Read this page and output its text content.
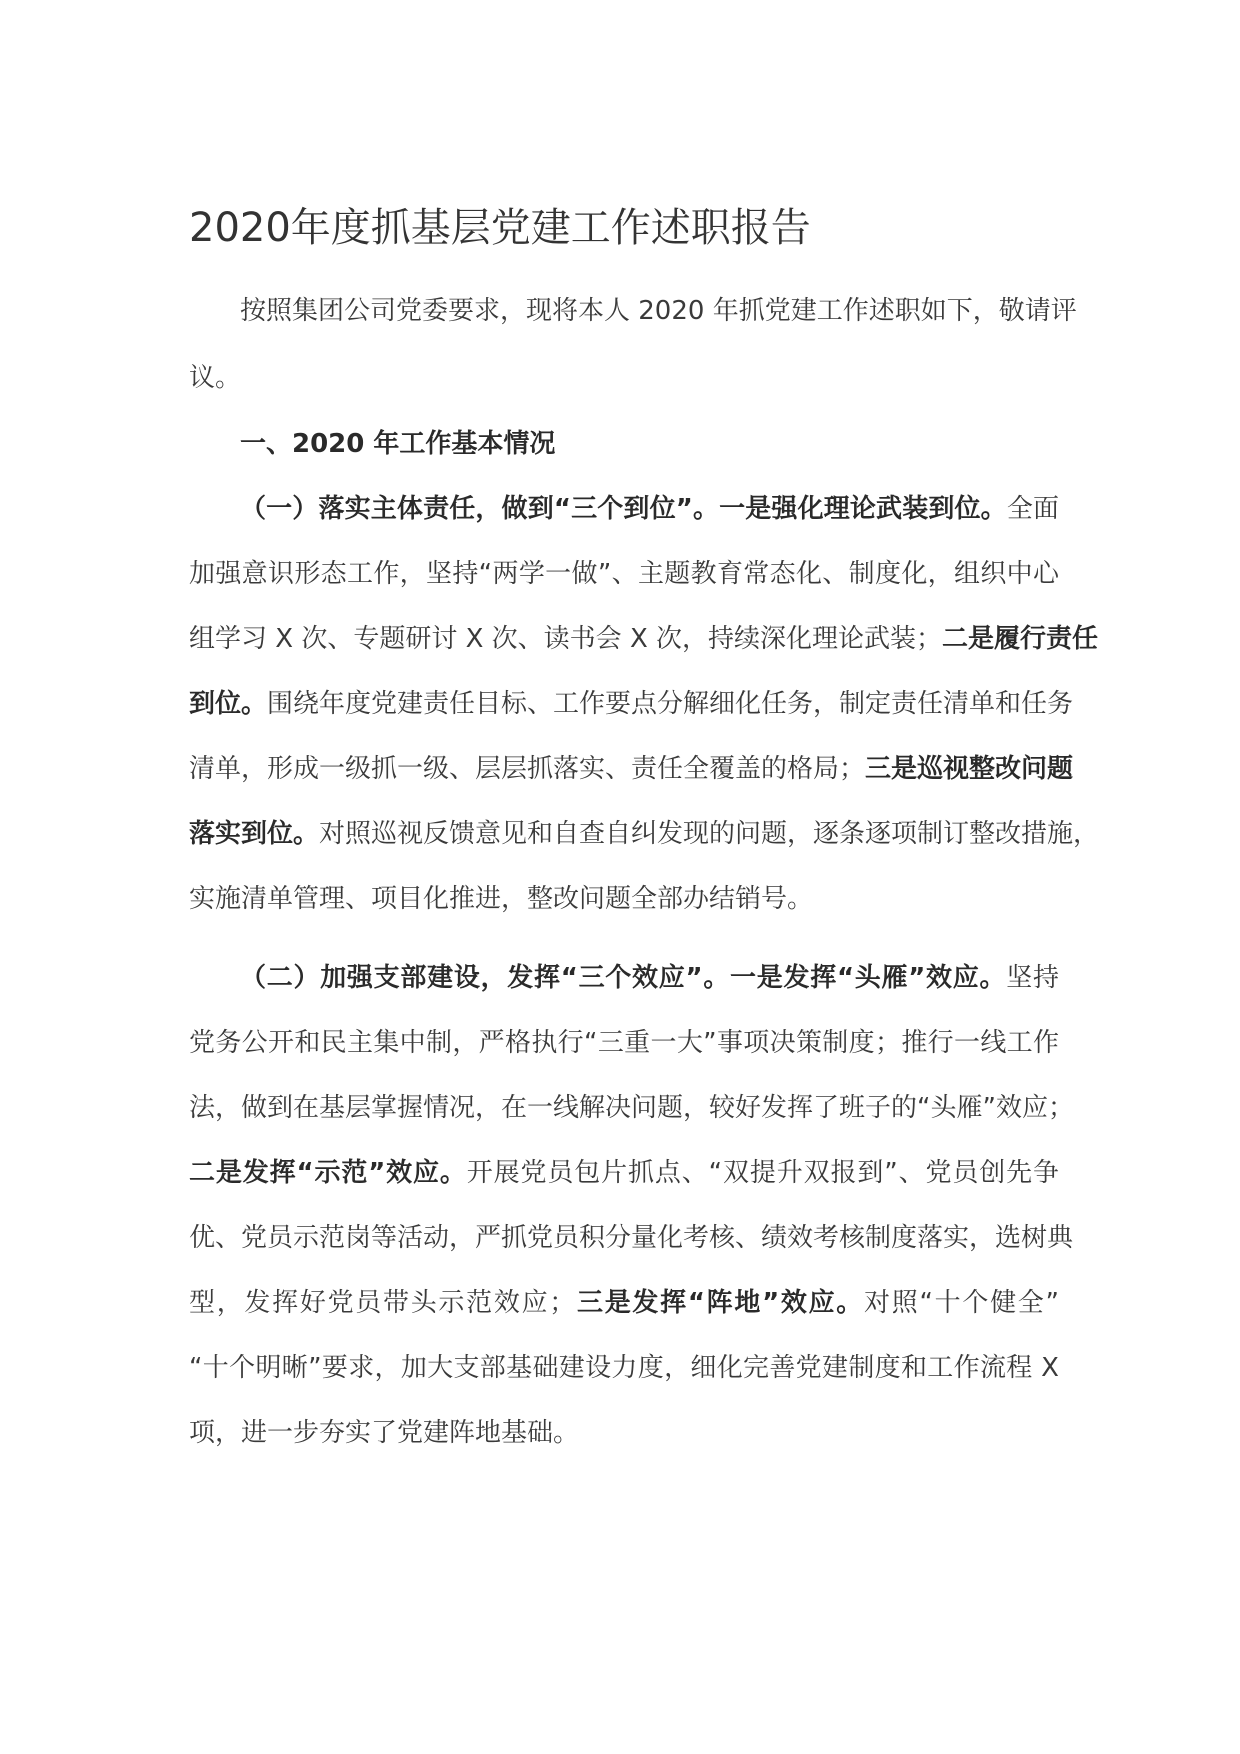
2020年度抓基层党建工作述职报告
按照集团公司党委要求，现将本人 2020 年抓党建工作述职如下，敬请评
议。
一、2020 年工作基本情况
（一）落实主体责任，做到“三个到位”。一是强化理论武装到位。全面
加强意识形态工作，坚持“两学一做”、主题教育常态化、制度化，组织中心
组学习 X 次、专题研讨 X 次、读书会 X 次，持续深化理论武装；二是履行责任
到位。围绕年度党建责任目标、工作要点分解细化任务，制定责任清单和任务
清单，形成一级抓一级、层层抓落实、责任全覆盖的格局；三是巡视整改问题
落实到位。对照巡视反馈意见和自查自纠发现的问题，逐条逐项制订整改措施，
实施清单管理、项目化推进，整改问题全部办结销号。
（二）加强支部建设，发挥“三个效应”。一是发挥“头雁”效应。坚持
党务公开和民主集中制，严格执行“三重一大”事项决策制度；推行一线工作
法，做到在基层掌握情况，在一线解决问题，较好发挥了班子的“头雁”效应；
二是发挥“示范”效应。开展党员包片抓点、“双提升双报到”、党员创先争
优、党员示范岗等活动，严抓党员积分量化考核、绩效考核制度落实，选树典
型，发挥好党员带头示范效应；三是发挥“阵地”效应。对照“十个健全”
“十个明晰”要求，加大支部基础建设力度，细化完善党建制度和工作流程 X
项，进一步夯实了党建阵地基础。
